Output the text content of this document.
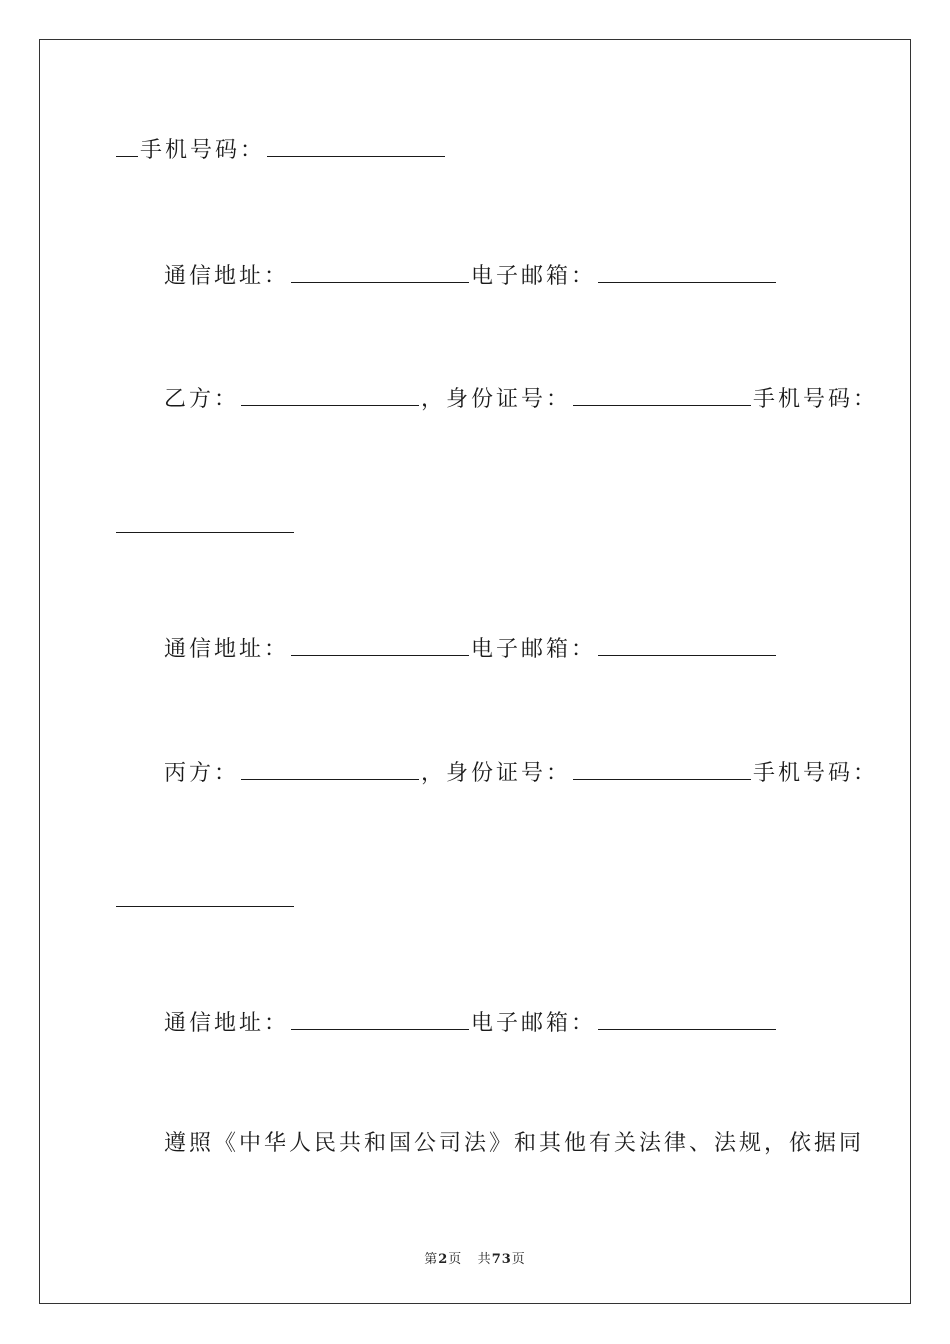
手机号码：
通信地址：	电子邮箱：
乙方：	，身份证号：	手机号码：
通信地址：	电子邮箱：
丙方：	，身份证号：	手机号码：
通信地址：	电子邮箱：
遵照《中华人民共和国公司法》和其他有关法律、法规，依据同
第2页 共73页
